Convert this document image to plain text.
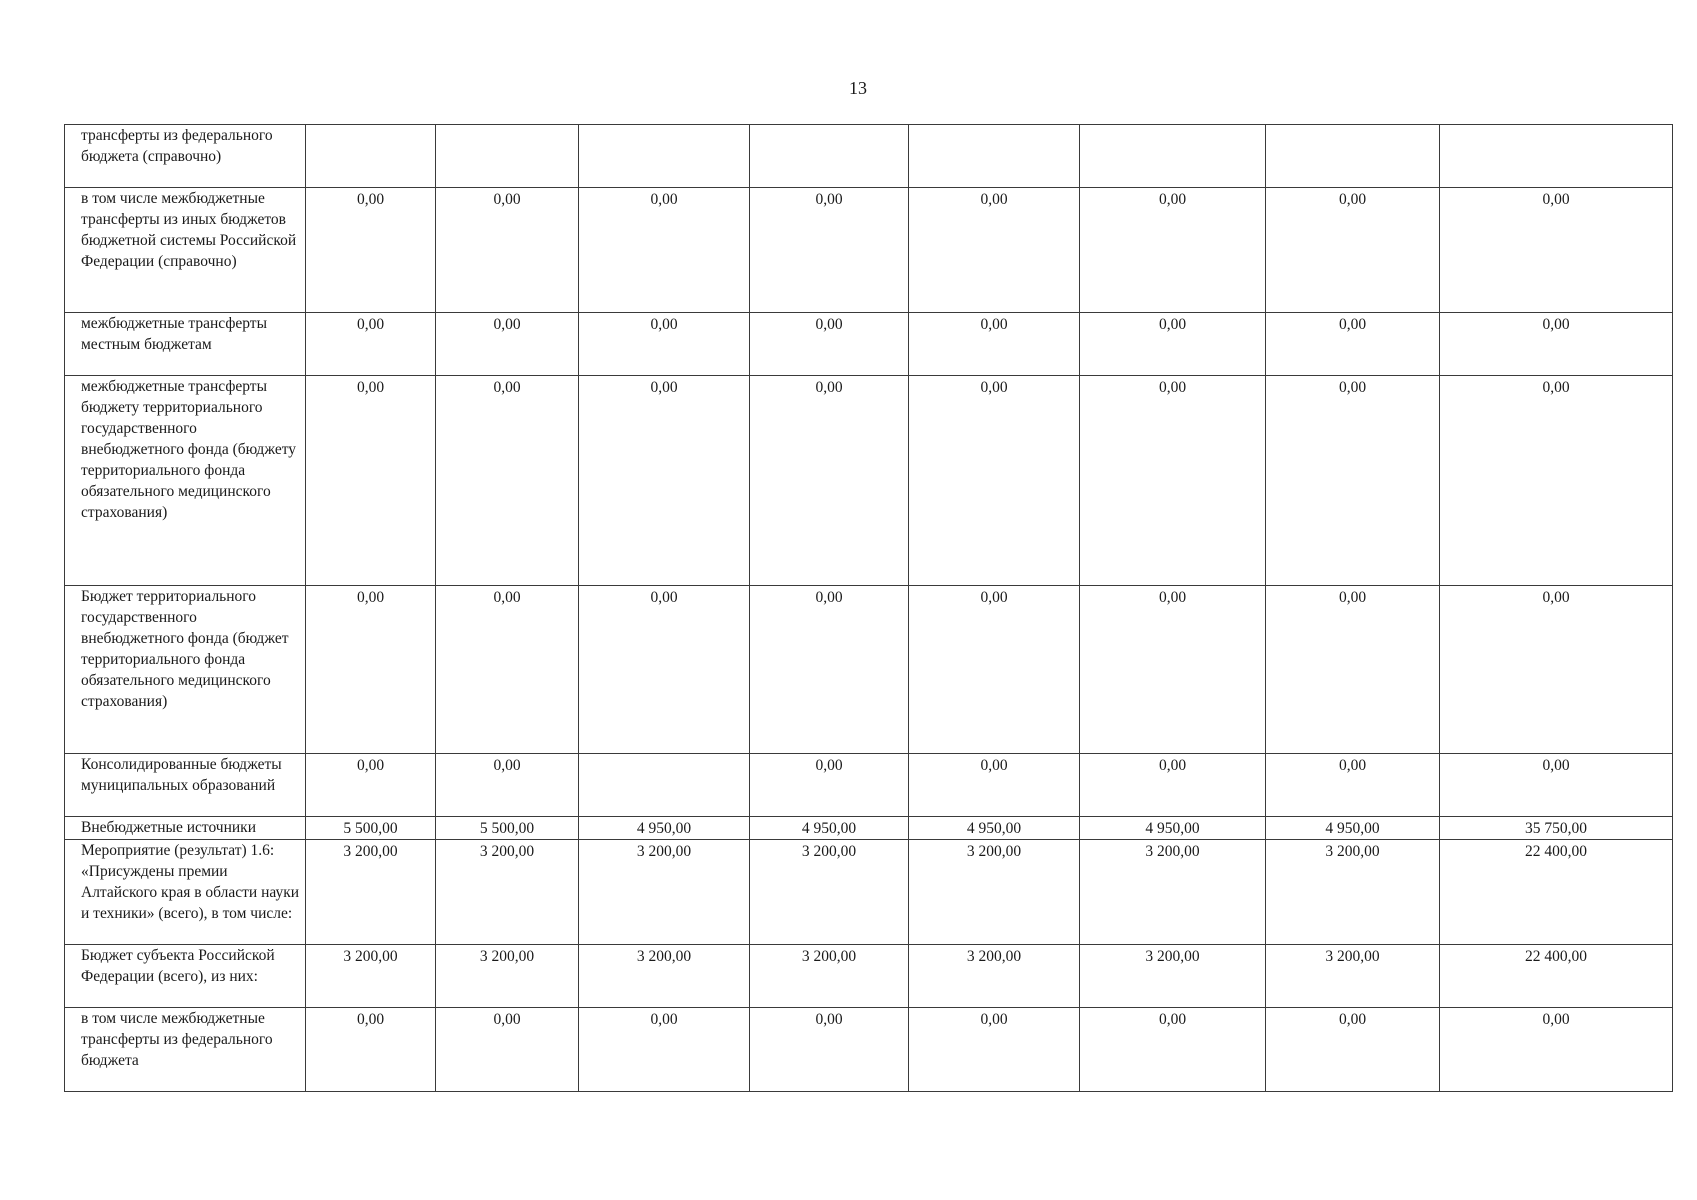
13
трансферты из федерального бюджета (справочно)								
в том числе межбюджетные трансферты из иных бюджетов бюджетной системы Российской Федерации (справочно)	0,00	0,00	0,00	0,00	0,00	0,00	0,00	0,00
межбюджетные трансферты местным бюджетам	0,00	0,00	0,00	0,00	0,00	0,00	0,00	0,00
межбюджетные трансферты бюджету территориального государственного внебюджетного фонда (бюджету территориального фонда обязательного медицинского страхования)	0,00	0,00	0,00	0,00	0,00	0,00	0,00	0,00
Бюджет территориального государственного внебюджетного фонда (бюджет территориального фонда обязательного медицинского страхования)	0,00	0,00	0,00	0,00	0,00	0,00	0,00	0,00
Консолидированные бюджеты муниципальных образований	0,00	0,00		0,00	0,00	0,00	0,00	0,00
Внебюджетные источники	5 500,00	5 500,00	4 950,00	4 950,00	4 950,00	4 950,00	4 950,00	35 750,00
Мероприятие (результат) 1.6: «Присуждены премии Алтайского края в области науки и техники» (всего), в том числе:	3 200,00	3 200,00	3 200,00	3 200,00	3 200,00	3 200,00	3 200,00	22 400,00
Бюджет субъекта Российской Федерации (всего), из них:	3 200,00	3 200,00	3 200,00	3 200,00	3 200,00	3 200,00	3 200,00	22 400,00
в том числе межбюджетные трансферты из федерального бюджета	0,00	0,00	0,00	0,00	0,00	0,00	0,00	0,00
